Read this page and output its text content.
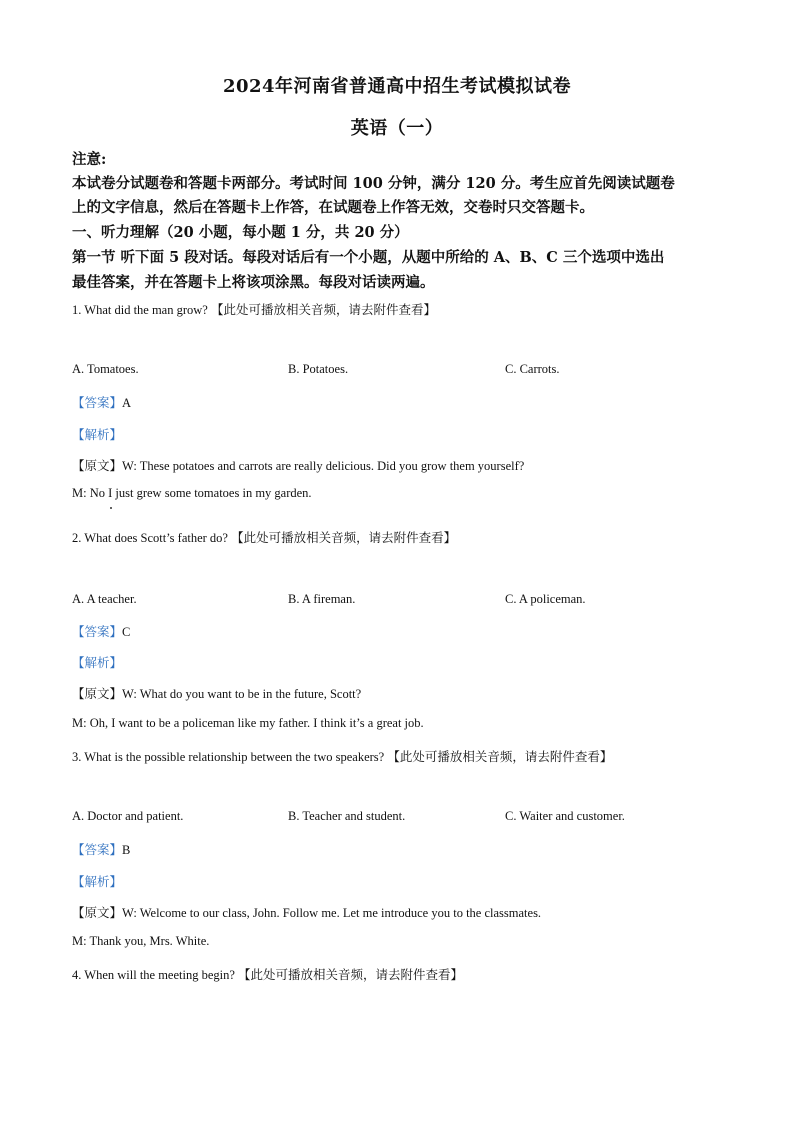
2024年河南省普通高中招生考试模拟试卷
英语（一）
注意:
本试卷分试题卷和答题卡两部分。考试时间 100 分钟，满分 120 分。考生应首先阅读试题卷
上的文字信息，然后在答题卡上作答，在试题卷上作答无效，交卷时只交答题卡。
一、听力理解（20 小题，每小题 1 分，共 20 分）
第一节 听下面 5 段对话。每段对话后有一个小题，从题中所给的 A、B、C 三个选项中选出
最佳答案，并在答题卡上将该项涂黑。每段对话读两遍。
1. What did the man grow? 【此处可播放相关音频，请去附件查看】
A. Tomatoes.	B. Potatoes.	C. Carrots.
【答案】A
【解析】
【原文】W: These potatoes and carrots are really delicious. Did you grow them yourself?
M: No I just grew some tomatoes in my garden.
2. What does Scott’s father do? 【此处可播放相关音频，请去附件查看】
A. A teacher.	B. A fireman.	C. A policeman.
【答案】C
【解析】
【原文】W: What do you want to be in the future, Scott?
M: Oh, I want to be a policeman like my father. I think it’s a great job.
3. What is the possible relationship between the two speakers? 【此处可播放相关音频，请去附件查看】
A. Doctor and patient.	B. Teacher and student.	C. Waiter and customer.
【答案】B
【解析】
【原文】W: Welcome to our class, John. Follow me. Let me introduce you to the classmates.
M: Thank you, Mrs. White.
4. When will the meeting begin? 【此处可播放相关音频，请去附件查看】
